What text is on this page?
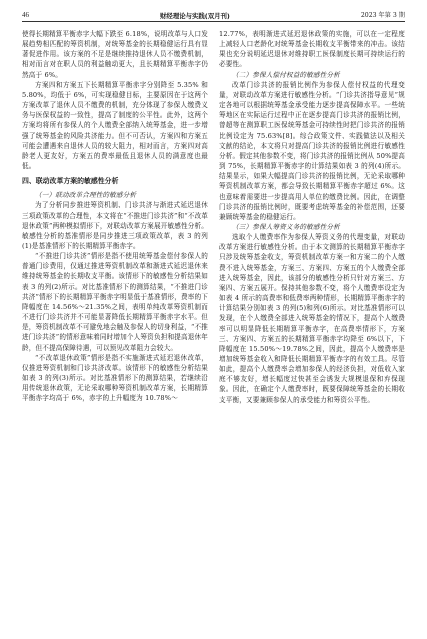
46	财经理论与实践(双月刊)	2023 年第 3 期

使得长期精算平衡赤字大幅下跌至 6.18%，说明改革与人口发展趋势相匹配的筹资机制，对统筹基金的长期稳健运行具有显著促进作用。该方案的不足是继续推持退休人员不缴费机制，相对而言对在职人员的利益触动更大，且长期精算平衡赤字仍然高于 6%。

方案四和方案五下长期精算平衡赤字分别降至 5.35% 和 5.80%，均低于 6%，可实现稳健目标，主要原因在于这两个方案改革了退休人员不缴费的机制，充分体现了参保人缴费义务与医保权益的一致性，提高了制度的公平性。此外，这两个方案均将所有参保人的个人缴费全部纳入统筹基金，进一步增强了统筹基金的风险共济能力。但不可否认，方案四和方案五可能会遭遇来自退休人员的较大阻力，相对而言，方案四对高龄老人更友好，方案五的费率最低且退休人员的满意度也最低。

四、联动改革方案的敏感性分析

（一）联动改革合理性的敏感分析

为了分析同步推进筹资机制、门诊共济与渐进式延迟退休三项政策改革的合理性，本文将在“不推进门诊共济”和“不改革退休政策”两种模拟情形下，对联动改革方案展开敏感性分析。敏感性分析的基准情形是同步推进三项政策改革，表 3 的列(1)是基准情形下的长期精算平衡赤字。

“不推进门诊共济”情形是指不使用统筹基金偿付参保人的普通门诊费用，仅通过推进筹资机制改革和渐进式延迟退休来维持统筹基金的长期收支平衡。该情形下的敏感性分析结果如表 3 的列(2)所示。对比基准情形下的测算结果，“不推进门诊共济”情形下的长期精算平衡赤字明显低于基准情形，费率的下降幅度在 14.56%～21.35%之间，表明单纯改革筹资机制而不进行门诊共济并不可能显著降低长期精算平衡赤字水平。但是，筹资机制改革不可避免地会触及参保人的切身利益，“不推进门诊共济”的情形意味着同时增加个人筹资负担和提高退休年龄，但不提高保障待遇，可以预见改革阻力会较大。

“不改革退休政策”情形是指不实施渐进式延迟退休改革，仅推进筹资机制和门诊共济改革。该情形下的敏感性分析结果如表 3 的列(3)所示。对比基准情形下的测算结果，若继续沿用传统退休政策，无论采取哪种筹资机制改革方案，长期精算平衡赤字均高于 6%，赤字的上升幅度为 10.78%～

12.77%，表明渐进式延迟退休政策的实施，可以在一定程度上减轻人口老龄化对统筹基金长期收支平衡带来的冲击。该结果也充分说明延迟退休对维持职工医保制度长期可持续运行的必要性。

（二）参保人偿付权益的敏感性分析

改革门诊共济的报销比例作为参保人偿付权益的代理变量，对联动改革方案进行敏感性分析。“门诊共济指导意见”规定各地可以根据统筹基金承受能力逐步提高保障水平。一些统筹地区在实际运行过程中正在逐步提高门诊共济的报销比例，曾超等在测算职工医保统筹基金可持续性时把门诊共济的报销比例设定为 75.63%[8]。综合政策文件、实践做法以及相关文献的结论，本文将只对提高门诊共济的报销比例进行敏感性分析。假定其他参数不变，将门诊共济的报销比例从 50%提高到 75%，长期精算平衡赤字的计算结果如表 3 的列(4)所示。结果显示，如果大幅提高门诊共济的报销比例，无论采取哪种筹资机制改革方案，都会导致长期精算平衡赤字超过 6%。这也意味着需要进一步提高用人单位的缴费比例。因此，在调整门诊共济的报销比例时，既要考虑统筹基金的补偿范围，还要兼顾统筹基金的稳健运行。

（三）参保人筹资义务的敏感性分析

选取个人缴费率作为参保人筹资义务的代理变量，对联动改革方案进行敏感性分析。由于本文测算的长期精算平衡赤字只涉及统筹基金收支，筹资机制改革方案一和方案二的个人缴费不进入统筹基金，方案三、方案四、方案五的个人缴费全部进入统筹基金，因此，该部分的敏感性分析只针对方案三、方案四、方案五展开。保持其他参数不变，将个人缴费率设定为如表 4 所示的高费率和低费率两种情形，长期精算平衡赤字的计算结果分别如表 3 的列(5)和列(6)所示。对比基准情形可以发现，在个人缴费全部进入统筹基金的情况下，提高个人缴费率可以明显降低长期精算平衡赤字，在高费率情形下，方案三、方案四、方案五的长期精算平衡赤字均降至 6%以下，下降幅度在 15.50%～19.78%之间，因此，提高个人缴费率是增加统筹基金收入和降低长期精算平衡赤字的有效工具。尽管如此，提高个人缴费率会增加参保人的经济负担，对低收入家庭不够友好，增长幅度过快甚至会诱发大规模退保和弃保现象。因此，在确定个人缴费率时，既要保障统筹基金的长期收支平衡，又要兼顾参保人的承受能力和筹资公平性。
